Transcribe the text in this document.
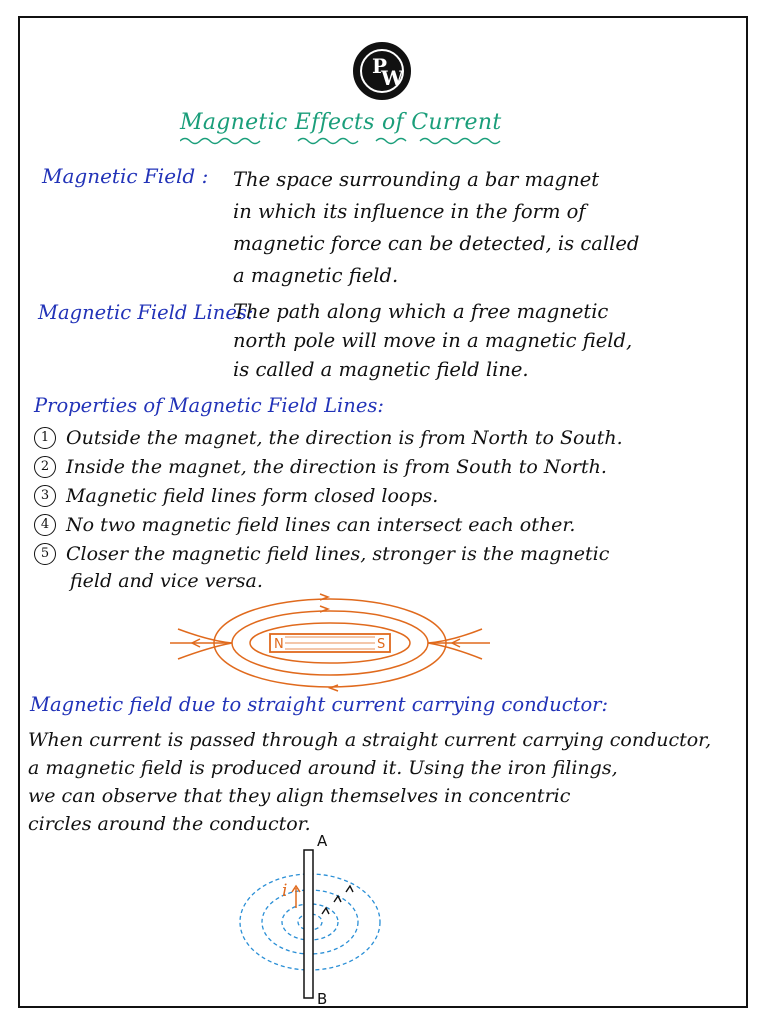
P
W
Magnetic Effects of Current
Magnetic Field : The space surrounding a bar magnet
in which its influence in the form of
magnetic force can be detected, is called
a magnetic field.
Magnetic Field Lines:
The path along which a free magnetic
north pole will move in a magnetic field,
is called a magnetic field line.
Properties of Magnetic Field Lines:
1 Outside the magnet, the direction is from North to South.
2 Inside the magnet, the direction is from South to North.
3 Magnetic field lines form closed loops.
4 No two magnetic field lines can intersect each other.
5 Closer the magnetic field lines, stronger is the magnetic
field and vice versa.
N	S
Magnetic field due to straight current carrying conductor:
When current is passed through a straight current carrying conductor,
a magnetic field is produced around it. Using the iron filings,
we can observe that they align themselves in concentric
circles around the conductor.
A
B
i
